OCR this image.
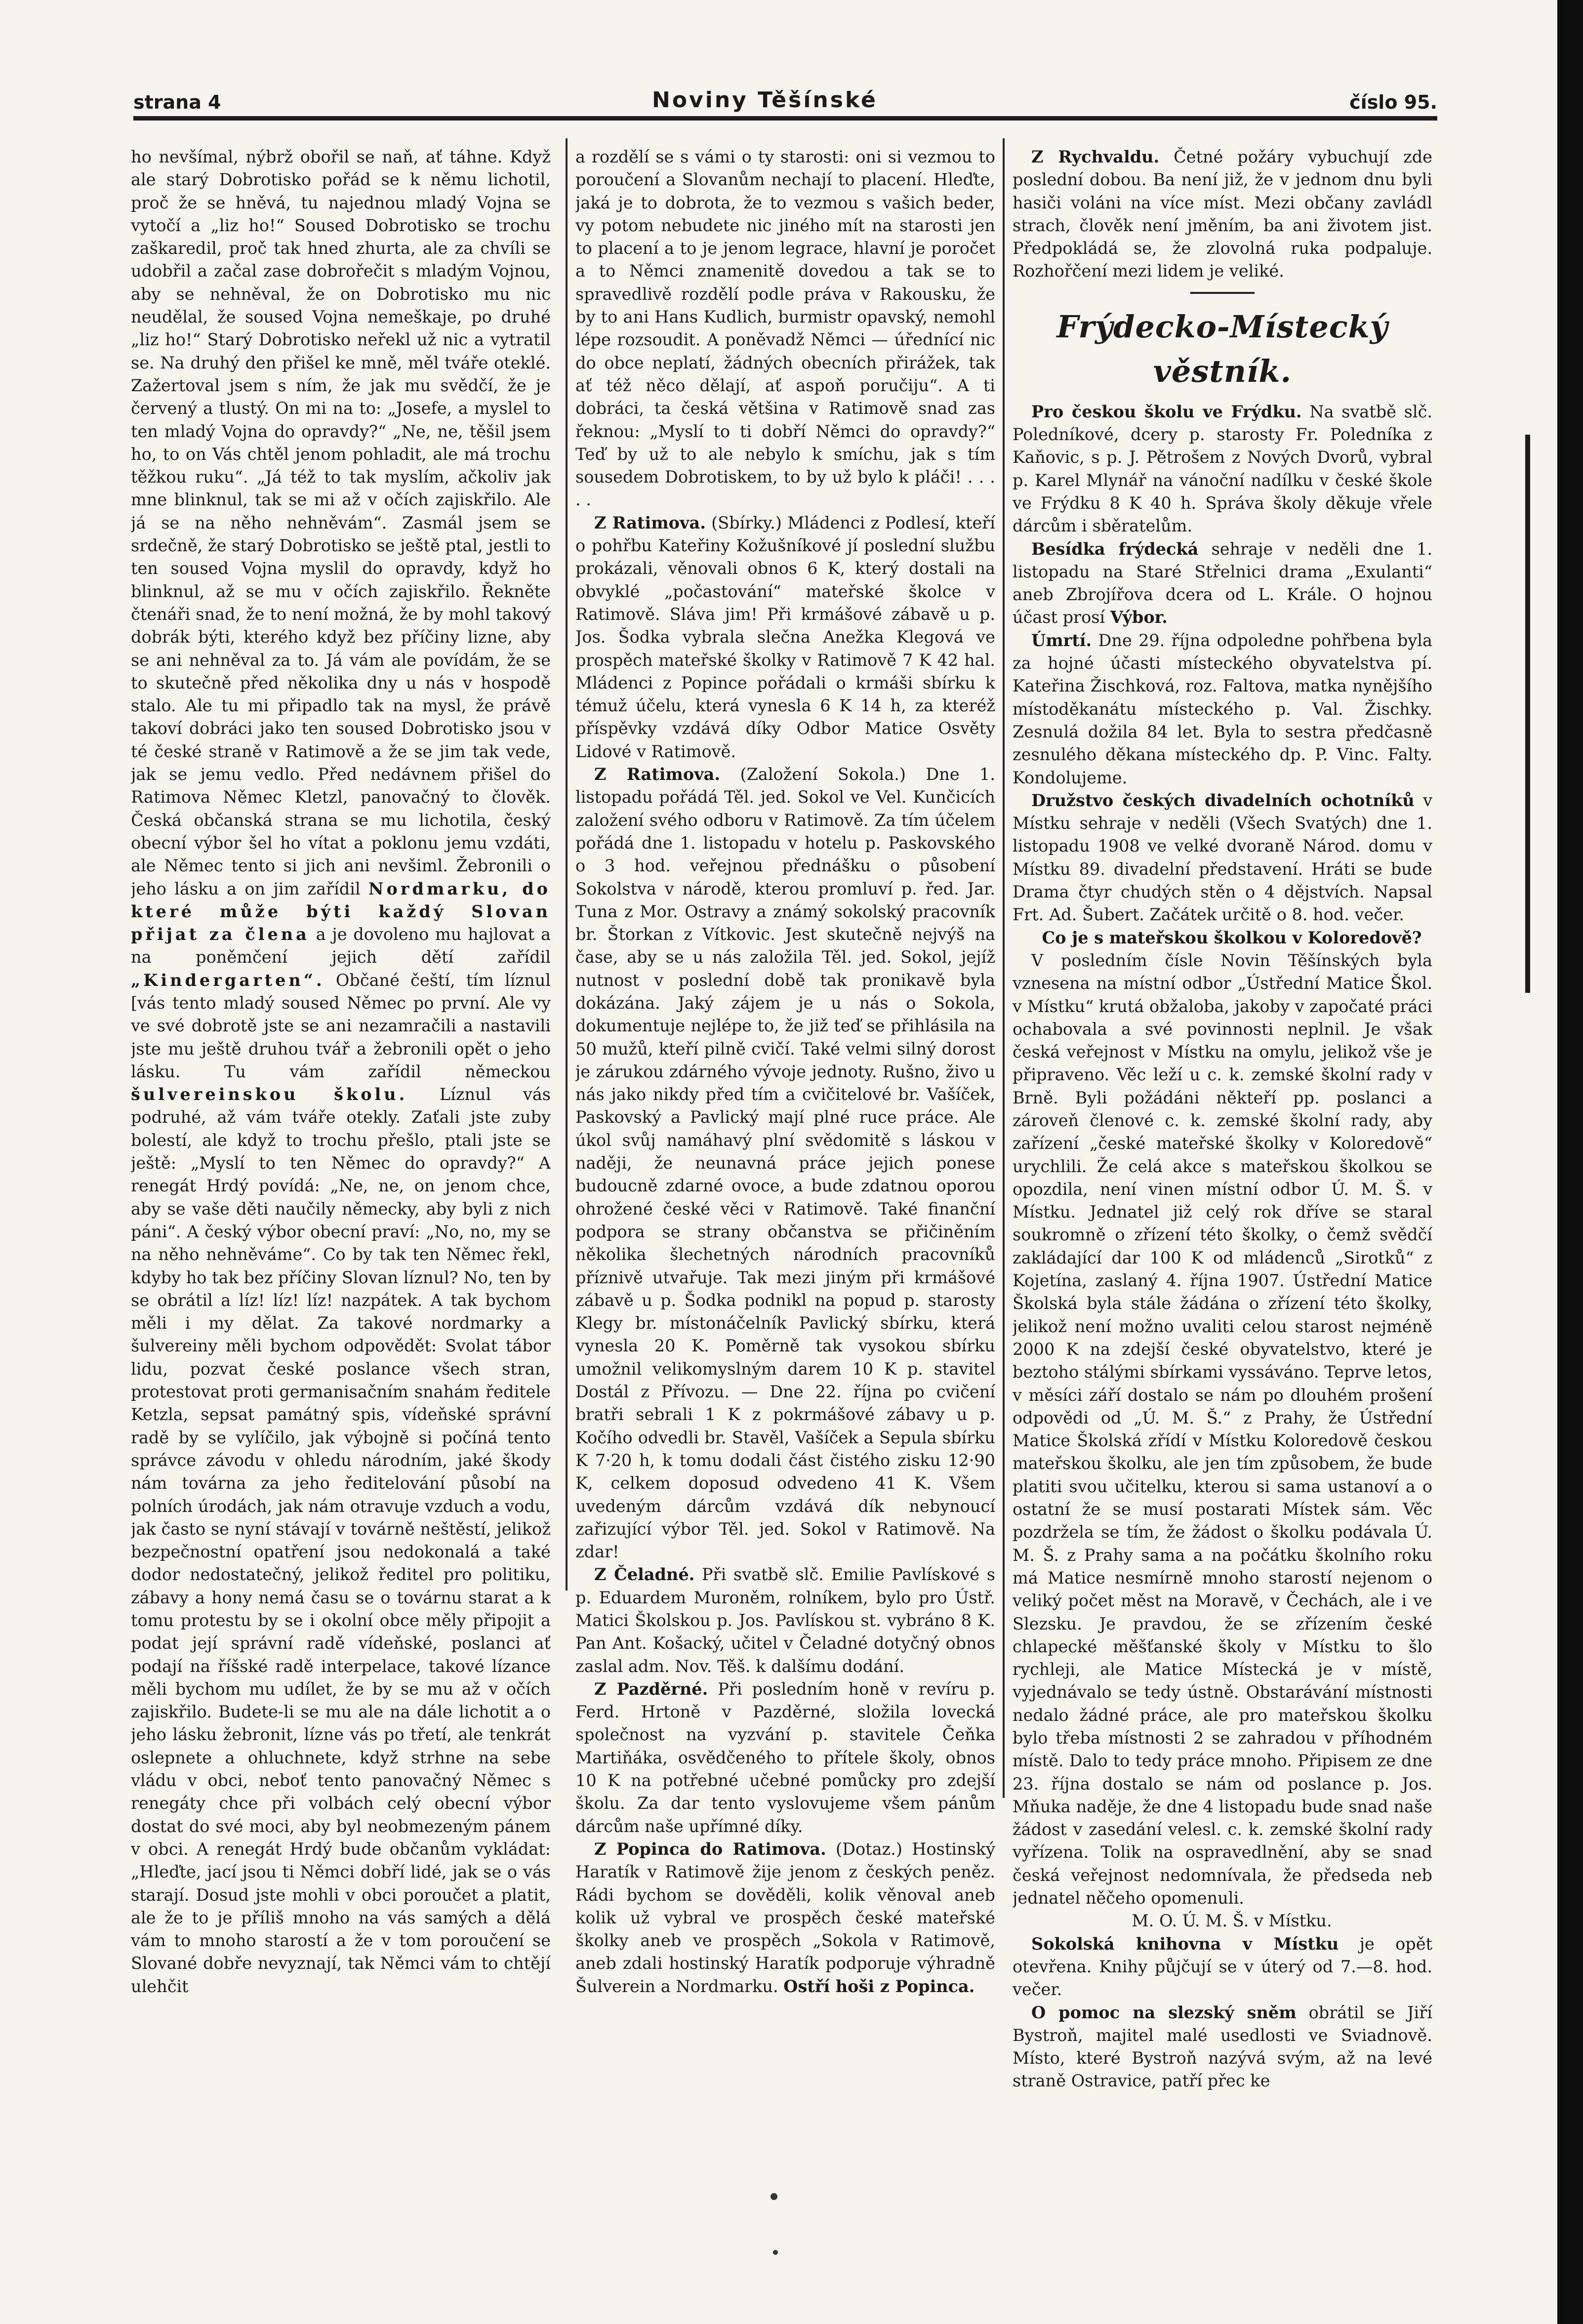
strana 4	Noviny Těšínské	číslo 95.

ho nevšímal, nýbrž obořil se naň, ať táhne. Když ale starý Dobrotisko pořád se k němu lichotil, proč že se hněvá, tu najednou mladý Vojna se vytočí a „liz ho!“ Soused Dobrotisko se trochu zaškaredil, proč tak hned zhurta, ale za chvíli se udobřil a začal zase dobrořečit s mladým Vojnou, aby se nehněval, že on Dobrotisko mu nic neudělal, že soused Vojna nemeškaje, po druhé „liz ho!“ Starý Dobrotisko neřekl už nic a vytratil se. Na druhý den přišel ke mně, měl tváře oteklé. Zažertoval jsem s ním, že jak mu svědčí, že je červený a tlustý. On mi na to: „Josefe, a myslel to ten mladý Vojna do opravdy?“ „Ne, ne, těšil jsem ho, to on Vás chtěl jenom pohladit, ale má trochu těžkou ruku“. „Já též to tak myslím, ačkoliv jak mne blinknul, tak se mi až v očích zajiskřilo. Ale já se na něho nehněvám“. Zasmál jsem se srdečně, že starý Dobrotisko se ještě ptal, jestli to ten soused Vojna myslil do opravdy, když ho blinknul, až se mu v očích zajiskřilo. Řekněte čtenáři snad, že to není možná, že by mohl takový dobrák býti, kterého když bez příčiny lizne, aby se ani nehněval za to. Já vám ale povídám, že se to skutečně před několika dny u nás v hospodě stalo. Ale tu mi připadlo tak na mysl, že právě takoví dobráci jako ten soused Dobrotisko jsou v té české straně v Ratimově a že se jim tak vede, jak se jemu vedlo. Před nedávnem přišel do Ratimova Němec Kletzl, panovačný to člověk. Česká občanská strana se mu lichotila, český obecní výbor šel ho vítat a poklonu jemu vzdáti, ale Němec tento si jich ani nevšiml. Žebronili o jeho lásku a on jim zařídil Nordmarku, do které může býti každý Slovan přijat za člena a je dovoleno mu hajlovat a na poněmčení jejich dětí zařídil „Kindergarten“. Občané čeští, tím líznul [vás tento mladý soused Němec po první. Ale vy ve své dobrotě jste se ani nezamračili a nastavili jste mu ještě druhou tvář a žebronili opět o jeho lásku. Tu vám zařídil německou šulvereinskou školu. Líznul vás podruhé, až vám tváře otekly. Zaťali jste zuby bolestí, ale když to trochu přešlo, ptali jste se ještě: „Myslí to ten Němec do opravdy?“ A renegát Hrdý povídá: „Ne, ne, on jenom chce, aby se vaše děti naučily německy, aby byli z nich páni“. A český výbor obecní praví: „No, no, my se na něho nehněváme“. Co by tak ten Němec řekl, kdyby ho tak bez příčiny Slovan líznul? No, ten by se obrátil a líz! líz! líz! nazpátek. A tak bychom měli i my dělat. Za takové nordmarky a šulvereiny měli bychom odpovědět: Svolat tábor lidu, pozvat české poslance všech stran, protestovat proti germanisačním snahám ředitele Ketzla, sepsat památný spis, vídeňské správní radě by se vylíčilo, jak výbojně si počíná tento správce závodu v ohledu národním, jaké škody nám továrna za jeho ředitelování působí na polních úrodách, jak nám otravuje vzduch a vodu, jak často se nyní stávají v továrně neštěstí, jelikož bezpečnostní opatření jsou nedokonalá a také dodor nedostatečný, jelikož ředitel pro politiku, zábavy a hony nemá času se o továrnu starat a k tomu protestu by se i okolní obce měly připojit a podat její správní radě vídeňské, poslanci ať podají na říšské radě interpelace, takové lízance měli bychom mu udílet, že by se mu až v očích zajiskřilo. Budete-li se mu ale na dále lichotit a o jeho lásku žebronit, lízne vás po třetí, ale tenkrát oslepnete a ohluchnete, když strhne na sebe vládu v obci, neboť tento panovačný Němec s renegáty chce při volbách celý obecní výbor dostat do své moci, aby byl neobmezeným pánem v obci. A renegát Hrdý bude občanům vykládat: „Hleďte, jací jsou ti Němci dobří lidé, jak se o vás starají. Dosud jste mohli v obci poroučet a platit, ale že to je příliš mnoho na vás samých a dělá vám to mnoho starostí a že v tom poroučení se Slované dobře nevyznají, tak Němci vám to chtějí ulehčit

a rozdělí se s vámi o ty starosti: oni si vezmou to poroučení a Slovanům nechají to placení. Hleďte, jaká je to dobrota, že to vezmou s vašich beder, vy potom nebudete nic jiného mít na starosti jen to placení a to je jenom legrace, hlavní je poročet a to Němci znamenitě dovedou a tak se to spravedlivě rozdělí podle práva v Rakousku, že by to ani Hans Kudlich, burmistr opavský, nemohl lépe rozsoudit. A poněvadž Němci — úřednící nic do obce neplatí, žádných obecních přirážek, tak ať též něco dělají, ať aspoň poručiju“. A ti dobráci, ta česká většina v Ratimově snad zas řeknou: „Myslí to ti dobří Němci do opravdy?“ Teď by už to ale nebylo k smíchu, jak s tím sousedem Dobrotiskem, to by už bylo k pláči! . . . . .

Z Ratimova. (Sbírky.) Mládenci z Podlesí, kteří o pohřbu Kateřiny Kožušníkové jí poslední službu prokázali, věnovali obnos 6 K, který dostali na obvyklé „počastování“ mateřské školce v Ratimově. Sláva jim! Při krmášové zábavě u p. Jos. Šodka vybrala slečna Anežka Klegová ve prospěch mateřské školky v Ratimově 7 K 42 hal. Mládenci z Popince pořádali o krmáši sbírku k témuž účelu, která vynesla 6 K 14 h, za kteréž příspěvky vzdává díky Odbor Matice Osvěty Lidové v Ratimově.

Z Ratimova. (Založení Sokola.) Dne 1. listopadu pořádá Těl. jed. Sokol ve Vel. Kunčicích založení svého odboru v Ratimově. Za tím účelem pořádá dne 1. listopadu v hotelu p. Paskovského o 3 hod. veřejnou přednášku o působení Sokolstva v národě, kterou promluví p. řed. Jar. Tuna z Mor. Ostravy a známý sokolský pracovník br. Štorkan z Vítkovic. Jest skutečně nejvýš na čase, aby se u nás založila Těl. jed. Sokol, jejíž nutnost v poslední době tak pronikavě byla dokázána. Jaký zájem je u nás o Sokola, dokumentuje nejlépe to, že již teď se přihlásila na 50 mužů, kteří pilně cvičí. Také velmi silný dorost je zárukou zdárného vývoje jednoty. Rušno, živo u nás jako nikdy před tím a cvičitelové br. Vašíček, Paskovský a Pavlický mají plné ruce práce. Ale úkol svůj namáhavý plní svědomitě s láskou v naději, že neunavná práce jejich ponese budoucně zdarné ovoce, a bude zdatnou oporou ohrožené české věci v Ratimově. Také finanční podpora se strany občanstva se přičiněním několika šlechetných národních pracovníků příznivě utvařuje. Tak mezi jiným při krmášové zábavě u p. Šodka podnikl na popud p. starosty Klegy br. místonáčelník Pavlický sbírku, která vynesla 20 K. Poměrně tak vysokou sbírku umožnil velikomyslným darem 10 K p. stavitel Dostál z Přívozu. — Dne 22. října po cvičení bratři sebrali 1 K z pokrmášové zábavy u p. Kočího odvedli br. Stavěl, Vašíček a Sepula sbírku K 7·20 h, k tomu dodali část čistého zisku 12·90 K, celkem doposud odvedeno 41 K. Všem uvedeným dárcům vzdává dík nebynoucí zařizující výbor Těl. jed. Sokol v Ratimově. Na zdar!

Z Čeladné. Při svatbě slč. Emilie Pavlískové s p. Eduardem Muroněm, rolníkem, bylo pro Ústř. Matici Školskou p. Jos. Pavlískou st. vybráno 8 K. Pan Ant. Košacký, učitel v Čeladné dotyčný obnos zaslal adm. Nov. Těš. k dalšímu dodání.

Z Pazděrné. Při posledním honě v revíru p. Ferd. Hrtoně v Pazděrné, složila lovecká společnost na vyzvání p. stavitele Čeňka Martiňáka, osvědčeného to přítele školy, obnos 10 K na potřebné učebné pomůcky pro zdejší školu. Za dar tento vyslovujeme všem pánům dárcům naše upřímné díky.

Z Popinca do Ratimova. (Dotaz.) Hostinský Haratík v Ratimově žije jenom z českých peněz. Rádi bychom se dověděli, kolik věnoval aneb kolik už vybral ve prospěch české mateřské školky aneb ve prospěch „Sokola v Ratimově, aneb zdali hostinský Haratík podporuje výhradně Šulverein a Nordmarku. Ostří hoši z Popinca.

Z Rychvaldu. Četné požáry vybuchují zde poslední dobou. Ba není již, že v jednom dnu byli hasiči voláni na více míst. Mezi občany zavládl strach, člověk není jměním, ba ani životem jist. Předpokládá se, že zlovolná ruka podpaluje. Rozhořčení mezi lidem je veliké.

Frýdecko-Místecký věstník.

Pro českou školu ve Frýdku. Na svatbě slč. Poledníkové, dcery p. starosty Fr. Poledníka z Kaňovic, s p. J. Pětrošem z Nových Dvorů, vybral p. Karel Mlynář na vánoční nadílku v české škole ve Frýdku 8 K 40 h. Správa školy děkuje vřele dárcům i sběratelům.

Besídka frýdecká sehraje v neděli dne 1. listopadu na Staré Střelnici drama „Exulanti“ aneb Zbrojířova dcera od L. Krále. O hojnou účast prosí Výbor.

Úmrtí. Dne 29. října odpoledne pohřbena byla za hojné účasti místeckého obyvatelstva pí. Kateřina Žischková, roz. Faltova, matka nynějšího místoděkanátu místeckého p. Val. Žischky. Zesnulá dožila 84 let. Byla to sestra předčasně zesnulého děkana místeckého dp. P. Vinc. Falty. Kondolujeme.

Družstvo českých divadelních ochotníků v Místku sehraje v neděli (Všech Svatých) dne 1. listopadu 1908 ve velké dvoraně Národ. domu v Místku 89. divadelní představení. Hráti se bude Drama čtyr chudých stěn o 4 dějstvích. Napsal Frt. Ad. Šubert. Začátek určitě o 8. hod. večer.

Co je s mateřskou školkou v Koloredově?

V posledním čísle Novin Těšínských byla vznesena na místní odbor „Ústřední Matice Škol. v Místku“ krutá obžaloba, jakoby v započaté práci ochabovala a své povinnosti neplnil. Je však česká veřejnost v Místku na omylu, jelikož vše je připraveno. Věc leží u c. k. zemské školní rady v Brně. Byli požádáni někteří pp. poslanci a zároveň členové c. k. zemské školní rady, aby zařízení „české mateřské školky v Koloredově“ urychlili. Že celá akce s mateřskou školkou se opozdila, není vinen místní odbor Ú. M. Š. v Místku. Jednatel již celý rok dříve se staral soukromně o zřízení této školky, o čemž svědčí zakládající dar 100 K od mládenců „Sirotků“ z Kojetína, zaslaný 4. října 1907. Ústřední Matice Školská byla stále žádána o zřízení této školky, jelikož není možno uvaliti celou starost nejméně 2000 K na zdejší české obyvatelstvo, které je beztoho stálými sbírkami vyssáváno. Teprve letos, v měsíci září dostalo se nám po dlouhém prošení odpovědi od „Ú. M. Š.“ z Prahy, že Ústřední Matice Školská zřídí v Místku Koloredově českou mateřskou školku, ale jen tím způsobem, že bude platiti svou učitelku, kterou si sama ustanoví a o ostatní že se musí postarati Místek sám. Věc pozdržela se tím, že žádost o školku podávala Ú. M. Š. z Prahy sama a na počátku školního roku má Matice nesmírně mnoho starostí nejenom o veliký počet měst na Moravě, v Čechách, ale i ve Slezsku. Je pravdou, že se zřízením české chlapecké měšťanské školy v Místku to šlo rychleji, ale Matice Místecká je v místě, vyjednávalo se tedy ústně. Obstarávání místnosti nedalo žádné práce, ale pro mateřskou školku bylo třeba místnosti 2 se zahradou v příhodném místě. Dalo to tedy práce mnoho. Připisem ze dne 23. října dostalo se nám od poslance p. Jos. Mňuka naděje, že dne 4 listopadu bude snad naše žádost v zasedání velesl. c. k. zemské školní rady vyřízena. Tolik na ospravedlnění, aby se snad česká veřejnost nedomnívala, že předseda neb jednatel něčeho opomenuli.

M. O. Ú. M. Š. v Místku.

Sokolská knihovna v Místku je opět otevřena. Knihy půjčují se v úterý od 7.—8. hod. večer.

O pomoc na slezský sněm obrátil se Jiří Bystroň, majitel malé usedlosti ve Sviadnově. Místo, které Bystroň nazývá svým, až na levé straně Ostravice, patří přec ke
